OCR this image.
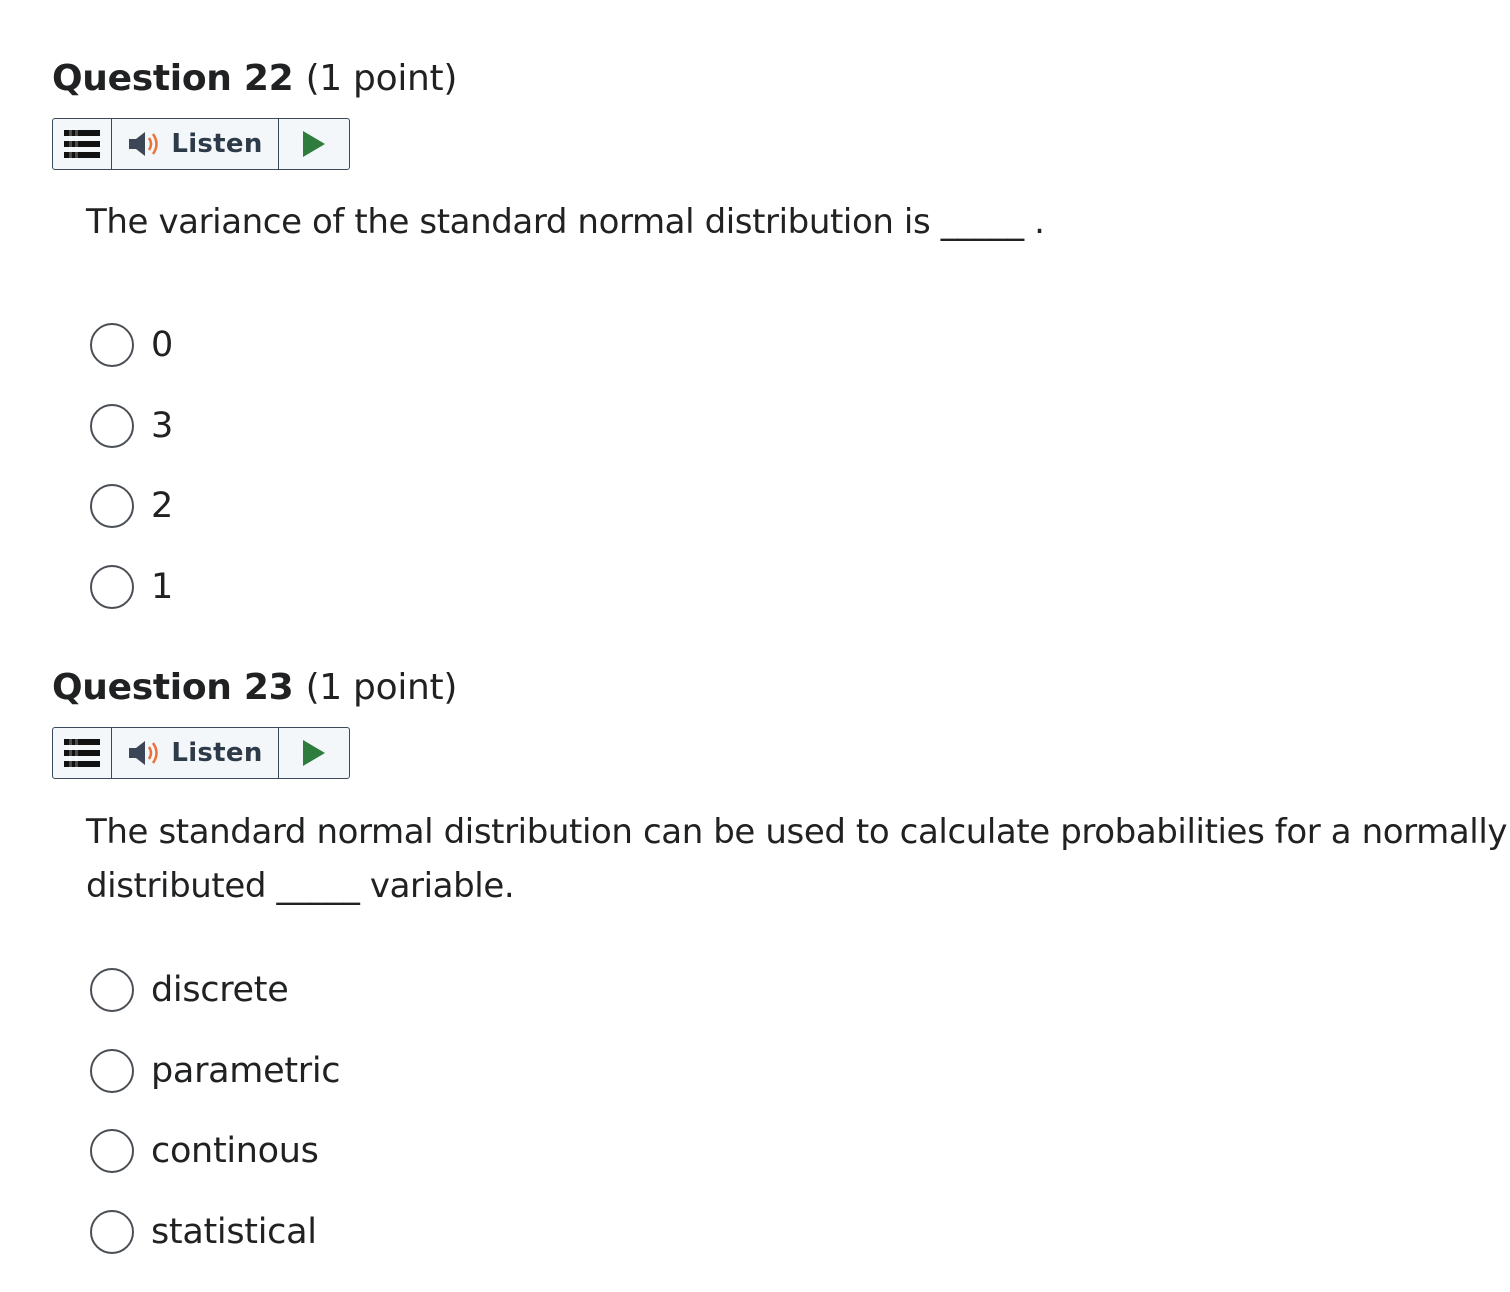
Question 22 (1 point)
Listen

The variance of the standard normal distribution is _____ .

0
3
2
1
Question 23 (1 point)
Listen

The standard normal distribution can be used to calculate probabilities for a normally

distributed _____ variable.

discrete
parametric
continous
statistical
